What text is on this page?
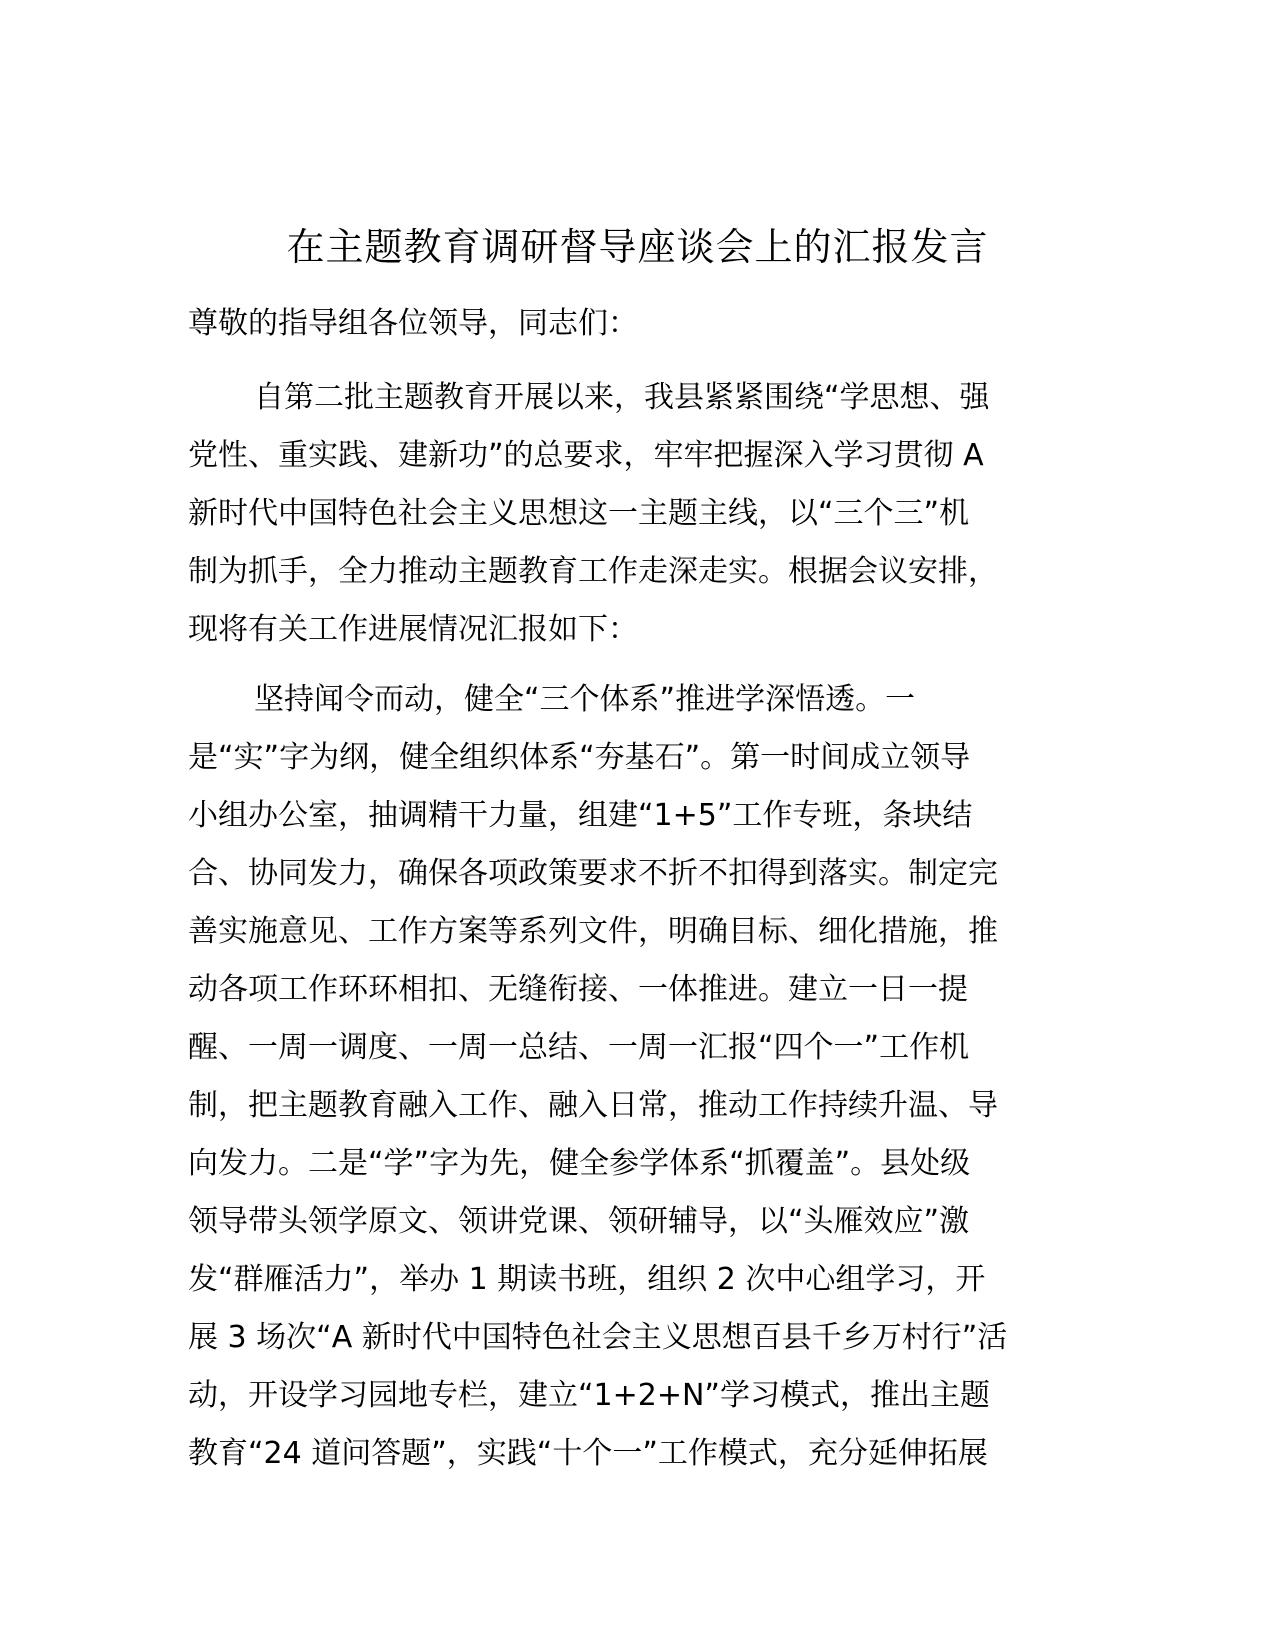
在主题教育调研督导座谈会上的汇报发言
尊敬的指导组各位领导，同志们：
自第二批主题教育开展以来，我县紧紧围绕“学思想、强
党性、重实践、建新功”的总要求，牢牢把握深入学习贯彻 A
新时代中国特色社会主义思想这一主题主线，以“三个三”机
制为抓手，全力推动主题教育工作走深走实。根据会议安排，
现将有关工作进展情况汇报如下：
坚持闻令而动，健全“三个体系”推进学深悟透。一
是“实”字为纲，健全组织体系“夯基石”。第一时间成立领导
小组办公室，抽调精干力量，组建“1+5”工作专班，条块结
合、协同发力，确保各项政策要求不折不扣得到落实。制定完
善实施意见、工作方案等系列文件，明确目标、细化措施，推
动各项工作环环相扣、无缝衔接、一体推进。建立一日一提
醒、一周一调度、一周一总结、一周一汇报“四个一”工作机
制，把主题教育融入工作、融入日常，推动工作持续升温、导
向发力。二是“学”字为先，健全参学体系“抓覆盖”。县处级
领导带头领学原文、领讲党课、领研辅导，以“头雁效应”激
发“群雁活力”，举办 1 期读书班，组织 2 次中心组学习，开
展 3 场次“A 新时代中国特色社会主义思想百县千乡万村行”活
动，开设学习园地专栏，建立“1+2+N”学习模式，推出主题
教育“24 道问答题”，实践“十个一”工作模式，充分延伸拓展
